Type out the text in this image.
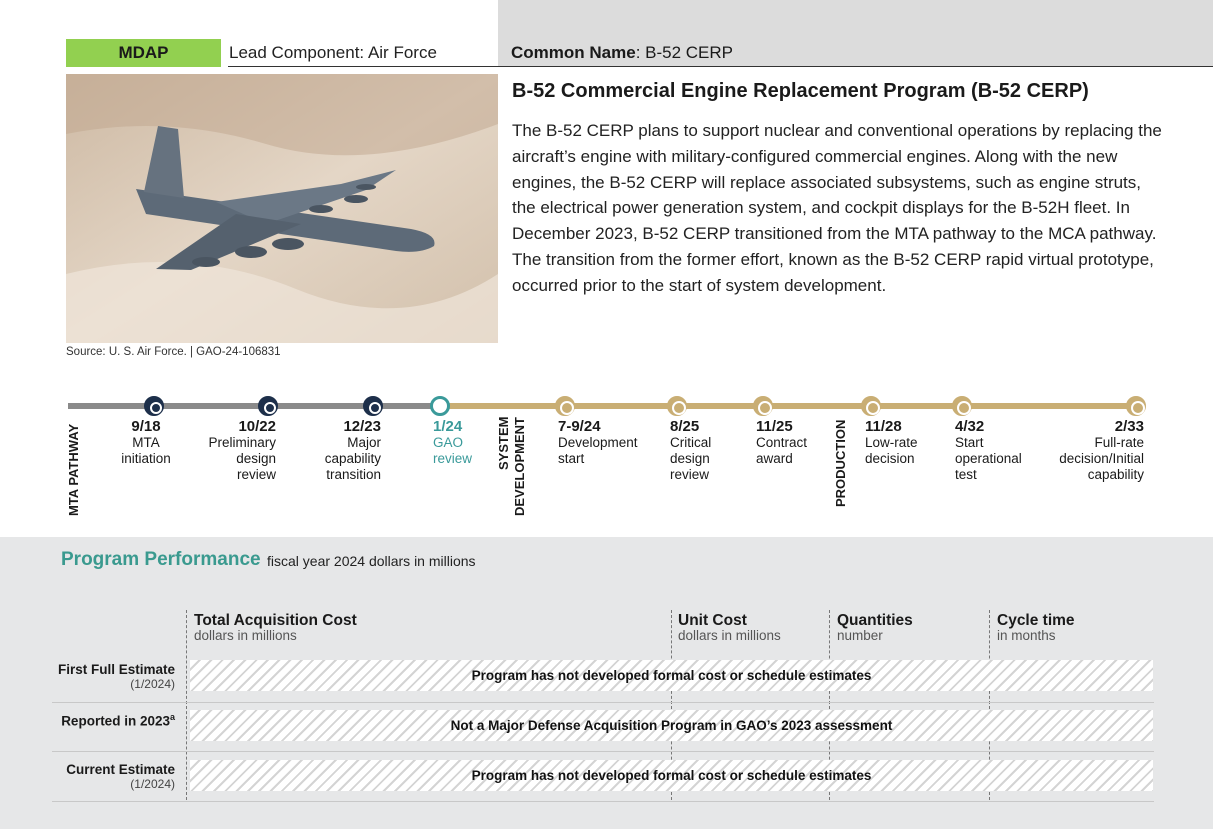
MDAP	Lead Component: Air Force	Common Name: B-52 CERP
Source: U. S. Air Force. | GAO-24-106831
B-52 Commercial Engine Replacement Program (B-52 CERP)
The B-52 CERP plans to support nuclear and conventional operations by replacing the aircraft’s engine with military-configured commercial engines. Along with the new engines, the B-52 CERP will replace associated subsystems, such as engine struts, the electrical power generation system, and cockpit displays for the B-52H fleet. In December 2023, B-52 CERP transitioned from the MTA pathway to the MCA pathway. The transition from the former effort, known as the B-52 CERP rapid virtual prototype, occurred prior to the start of system development.
MTA PATHWAY	SYSTEM DEVELOPMENT	PRODUCTION
9/18
MTA
initiation
10/22
Preliminary
design
review
12/23
Major
capability
transition
1/24
GAO
review
7-9/24
Development
start
8/25
Critical
design
review
11/25
Contract
award
11/28
Low-rate
decision
4/32
Start
operational
test
2/33
Full-rate
decision/Initial
capability
Program Performance fiscal year 2024 dollars in millions
Total Acquisition Cost
dollars in millions
Unit Cost
dollars in millions
Quantities
number
Cycle time
in months
First Full Estimate
(1/2024)
Program has not developed formal cost or schedule estimates
Reported in 2023$^a$
Not a Major Defense Acquisition Program in GAO’s 2023 assessment
Current Estimate
(1/2024)
Program has not developed formal cost or schedule estimates
